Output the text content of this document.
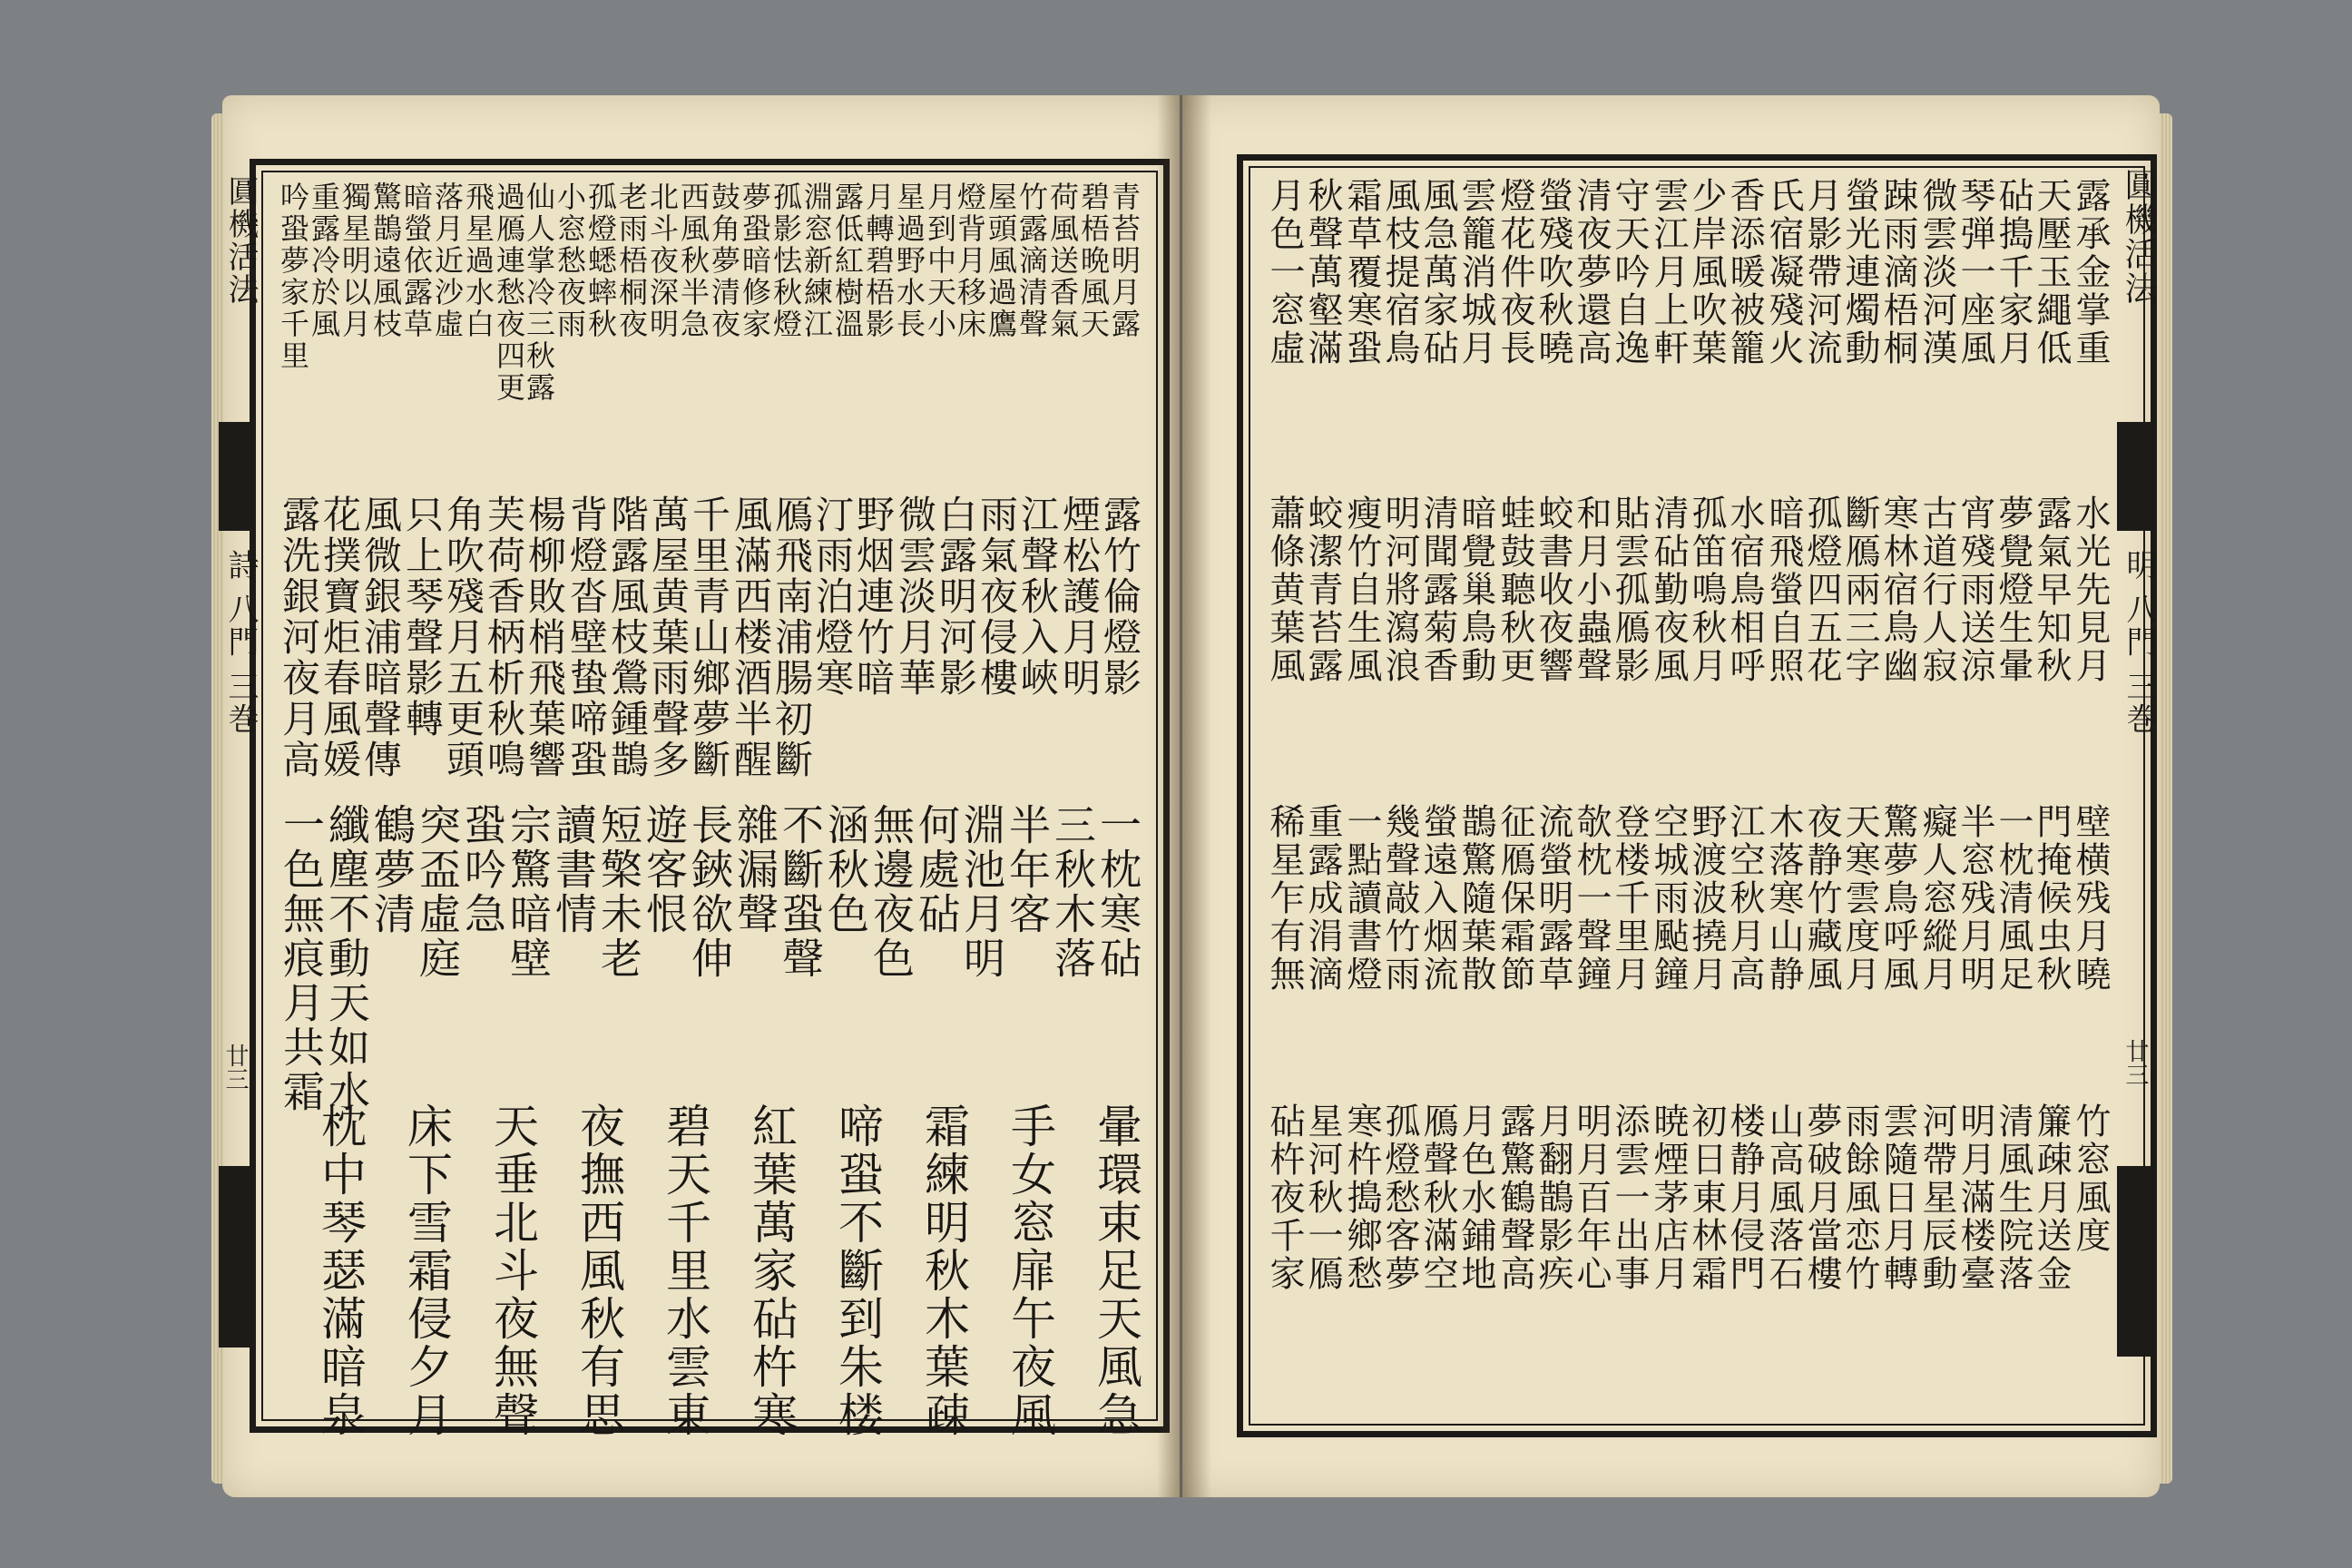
圓機活法
詩 八門 三巻
廿三
青苔明月露
碧梧晩風天
荷風送香氣
竹露滴清聲
屋頭風過鷹
燈背月移床
月到中天小
星過野水長
月轉碧梧影
露低紅樹溫
淵窓新練江
孤影怯秋燈
夢蛩暗修家
鼓角夢清夜
西風秋半急
北斗夜深明
老雨梧桐夜
孤燈蟋蟀秋
小窓愁夜雨
仙人掌冷三秋露
過鴈連愁夜四更
飛星過水白
落月近沙虛
暗螢依露草
驚鵲遠風枝
獨星明以月
重露冷於風
吟蛩夢家千里
露竹倫燈影
煙松護月明
江聲秋入峽
雨氣夜侵樓
白露明河影
微雲淡月華
野烟連竹暗
汀雨泊燈寒
鴈飛南浦腸初斷
風滿西楼酒半醒
千里青山鄉夢斷
萬屋黄葉雨聲多
階露風枝鶯鍾鵲
背燈沓壁蛰啼蛩
楊柳敗梢飛葉響
芙荷香柄析秋鳴
角吹殘月五更頭
只上琴聲影轉
風微銀浦暗聲傳
花撲寶炬春風媛
露洗銀河夜月高
一枕寒砧
三秋木落
半年客
淵池月明
何處砧
無邊夜色
涵秋色
不斷蛩聲
雜漏聲
長鋏欲伸
遊客恨
短檠未老
讀書情
宗驚暗壁
蛩吟急
突盃虛庭
鶴夢清
纖塵不動天如水
一色無痕月共霜
暈環束足天風急
手女窓扉午夜風
霜練明秋木葉疎
啼蛩不斷到朱楼
紅葉萬家砧杵寒
碧天千里水雲東
夜撫西風秋有思
天垂北斗夜無聲
床下雪霜侵夕月
枕中琴瑟滿暗泉
圓機活法
明 八門 三巻
廿三
露承金掌重
天壓玉繩低
砧搗千家月
琴弾一座風
微雲淡河漢
踈雨滴梧桐
螢光連燭動
月影帶河流
氏宿凝殘火
香添暖被籠
少岸風吹葉
雲江月上軒
守天吟自逸
清夜夢還高
螢殘吹秋曉
燈花件夜長
雲籠消城月
風急萬家砧
風枝提宿鳥
霜草覆寒蛩
秋聲萬壑滿
月色一窓虛
水光先見月
露氣早知秋
夢覺燈生暈
宵殘雨送涼
古道行人寂
寒林宿鳥幽
斷鴈兩三字
孤燈四五花
暗飛螢自照
水宿鳥相呼
孤笛鳴秋月
清砧勤夜風
貼雲孤鴈影
和月小蟲聲
蛟書收夜響
蛙鼓聽秋更
暗覺巢鳥動
清聞露菊香
明河將瀉浪
瘦竹自生風
蛟潔青苔露
蕭條黄葉風
壁横残月曉
門掩候虫秋
一枕清風足
半窓残月明
癡人窓縱月
驚夢鳥呼風
天寒雲度月
夜静竹藏風
木落寒山静
江空秋月高
野渡波撓月
空城雨颭鐘
登楼千里月
欹枕一聲鐘
流螢明露草
征鴈保霜節
鵲驚隨葉散
螢遠入烟流
幾聲敲竹雨
一點讀書燈
重露成涓滴
稀星乍有無
竹窓風度
簾疎月送金
清風生院落
明月滿楼臺
河帶星辰動
雲隨日月轉
雨餘風恋竹
夢破月當樓
山高風落石
楼静月侵門
初日東林霜
暁煙茅店月
添雲一出事
明月百年心
月翻鵲影疾
露驚鶴聲高
月色水鋪地
鴈聲秋滿空
孤燈愁客夢
寒杵搗鄉愁
星河秋一鴈
砧杵夜千家
